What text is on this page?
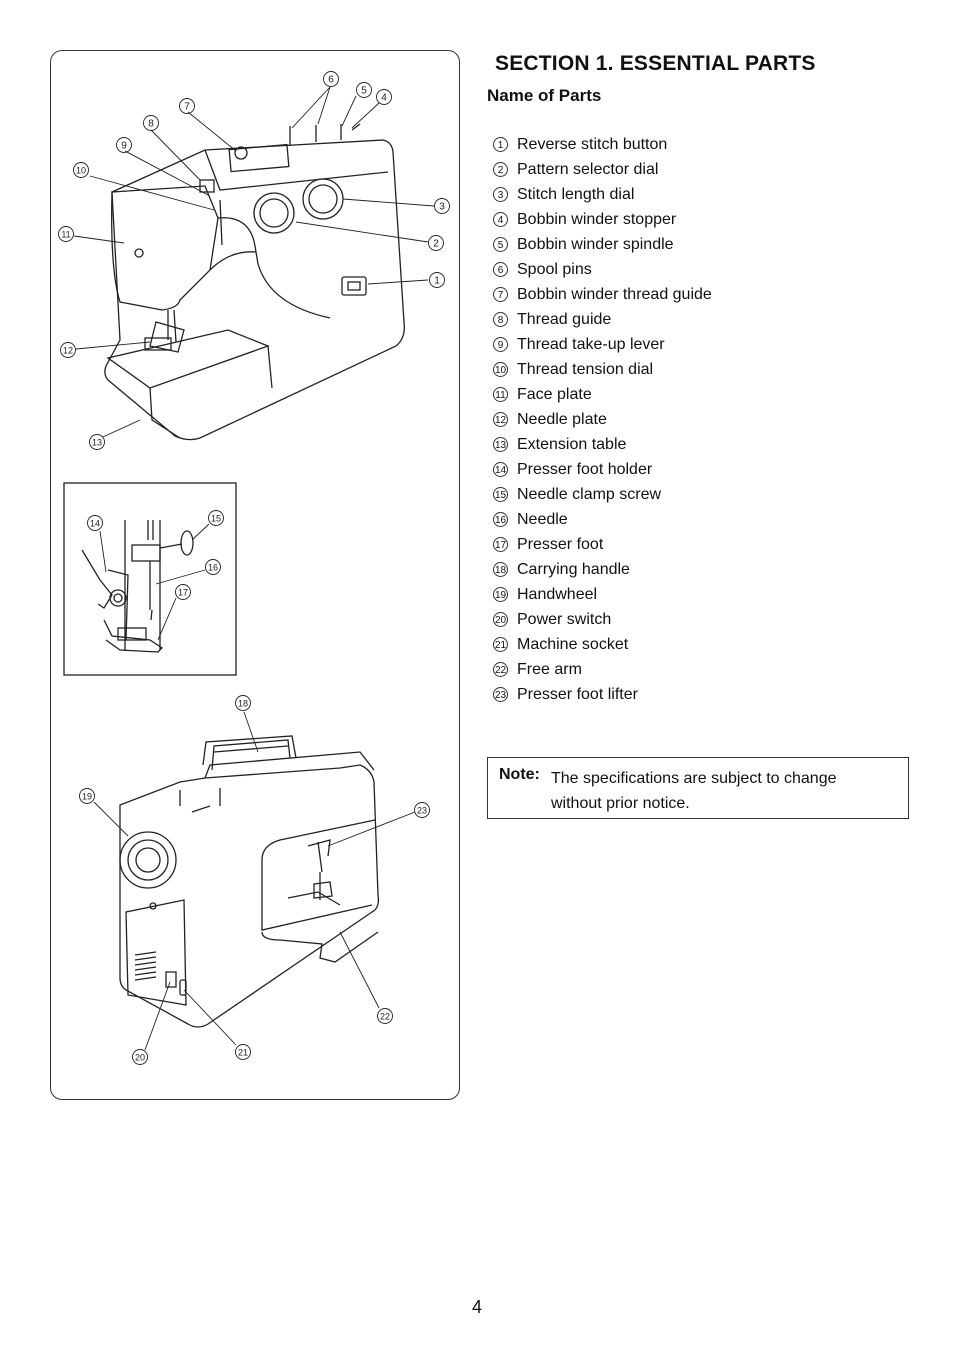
1
2
3
4
5
6
7
8
9
10
11
12
13
14	15
16
17
18
19
20	21
22
23
SECTION 1. ESSENTIAL PARTS
Name of Parts
1 Reverse stitch button
2 Pattern selector dial
3 Stitch length dial
4 Bobbin winder stopper
5 Bobbin winder spindle
6 Spool pins
7 Bobbin winder thread guide
8 Thread guide
9 Thread take-up lever
10 Thread tension dial
11 Face plate
12 Needle plate
13 Extension table
14 Presser foot holder
15 Needle clamp screw
16 Needle
17 Presser foot
18 Carrying handle
19 Handwheel
20 Power switch
21 Machine socket
22 Free arm
23 Presser foot lifter
Note: The specifications are subject to change without prior notice.
4
